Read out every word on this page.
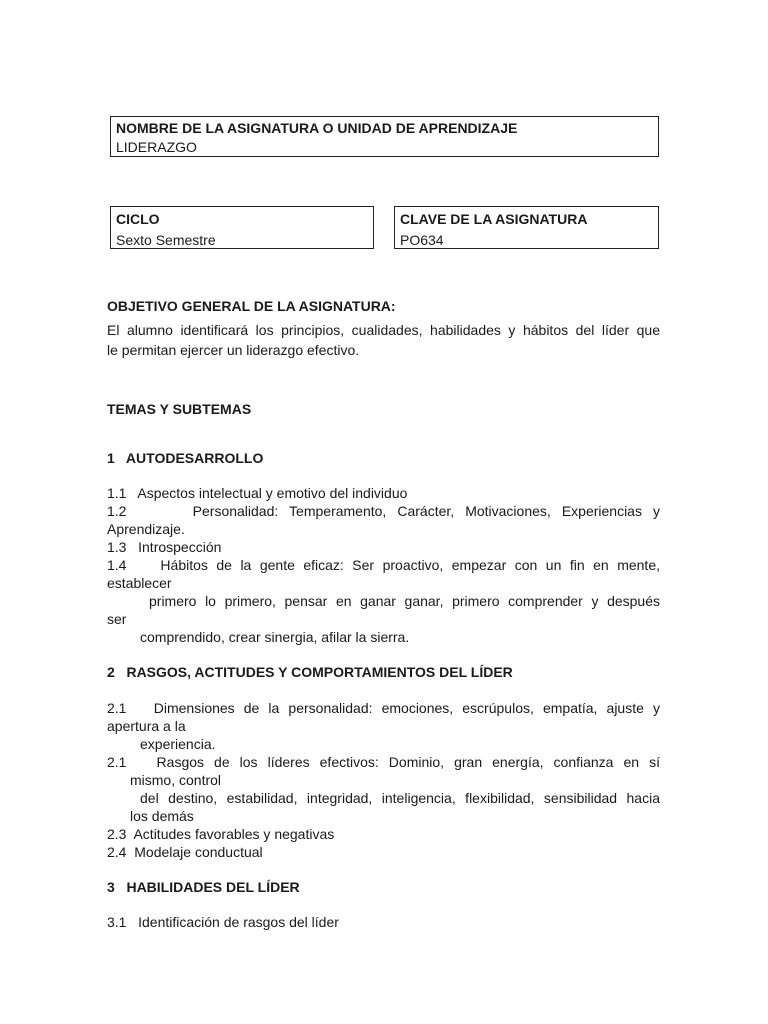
NOMBRE DE LA ASIGNATURA O UNIDAD DE APRENDIZAJE
LIDERAZGO
CICLO
Sexto Semestre
CLAVE DE LA ASIGNATURA
PO634
OBJETIVO GENERAL DE LA ASIGNATURA:
El alumno identificará los principios, cualidades, habilidades y hábitos del líder que
le permitan ejercer un liderazgo efectivo.
TEMAS Y SUBTEMAS
1   AUTODESARROLLO
1.1   Aspectos intelectual y emotivo del individuo
1.2      Personalidad: Temperamento, Carácter, Motivaciones, Experiencias y
Aprendizaje.
1.3   Introspección
1.4    Hábitos de la gente eficaz: Ser proactivo, empezar con un fin en mente,
establecer
primero lo primero, pensar en ganar ganar, primero comprender y después
ser
comprendido, crear sinergia, afilar la sierra.
2   RASGOS, ACTITUDES Y COMPORTAMIENTOS DEL LÍDER
2.1   Dimensiones de la personalidad: emociones, escrúpulos, empatía, ajuste y
apertura a la
experiencia.
2.1   Rasgos de los líderes efectivos: Dominio, gran energía, confianza en sí
mismo, control
del destino, estabilidad, integridad, inteligencia, flexibilidad, sensibilidad hacia
los demás
2.3  Actitudes favorables y negativas
2.4  Modelaje conductual
3   HABILIDADES DEL LÍDER
3.1   Identificación de rasgos del líder
